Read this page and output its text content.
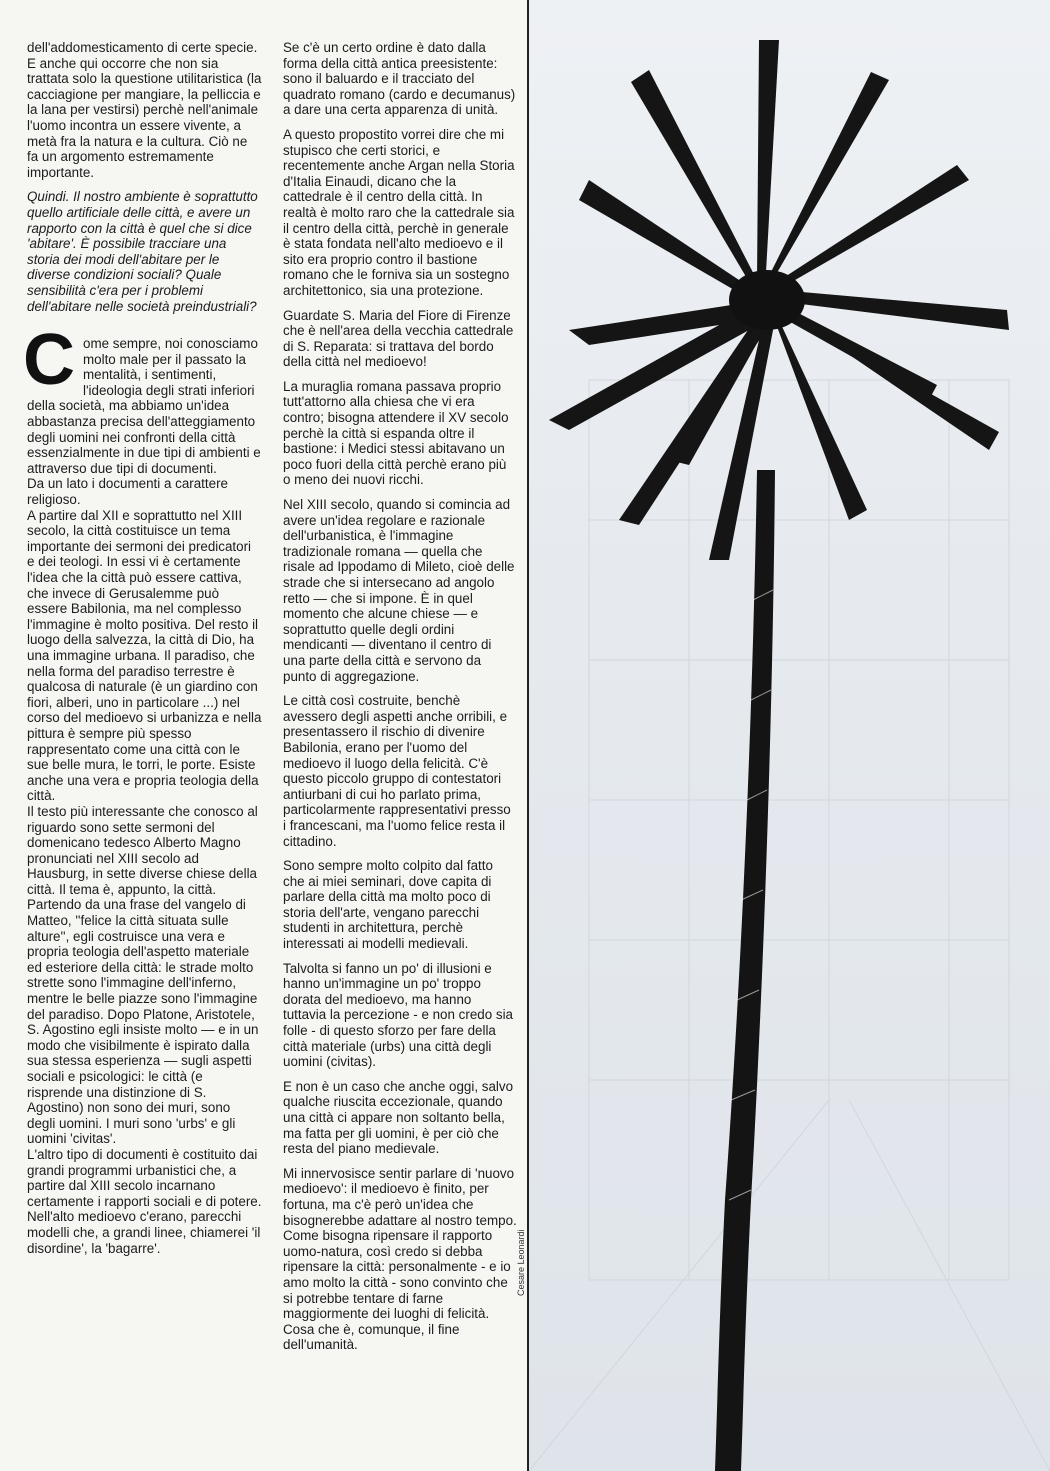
dell'addomesticamento di certe specie. E anche qui occorre che non sia trattata solo la questione utilitaristica (la cacciagione per mangiare, la pelliccia e la lana per vestirsi) perchè nell'animale l'uomo incontra un essere vivente, a metà fra la natura e la cultura. Ciò ne fa un argomento estremamente importante.

Quindi. Il nostro ambiente è soprattutto quello artificiale delle città, e avere un rapporto con la città è quel che si dice 'abitare'. È possibile tracciare una storia dei modi dell'abitare per le diverse condizioni sociali? Quale sensibilità c'era per i problemi dell'abitare nelle società preindustriali?

C ome sempre, noi conosciamo molto male per il passato la mentalità, i sentimenti, l'ideologia degli strati inferiori della società, ma abbiamo un'idea abbastanza precisa dell'atteggiamento degli uomini nei confronti della città essenzialmente in due tipi di ambienti e attraverso due tipi di documenti.

Da un lato i documenti a carattere religioso.

A partire dal XII e soprattutto nel XIII secolo, la città costituisce un tema importante dei sermoni dei predicatori e dei teologi. In essi vi è certamente l'idea che la città può essere cattiva, che invece di Gerusalemme può essere Babilonia, ma nel complesso l'immagine è molto positiva. Del resto il luogo della salvezza, la città di Dio, ha una immagine urbana. Il paradiso, che nella forma del paradiso terrestre è qualcosa di naturale (è un giardino con fiori, alberi, uno in particolare ...) nel corso del medioevo si urbanizza e nella pittura è sempre più spesso rappresentato come una città con le sue belle mura, le torri, le porte. Esiste anche una vera e propria teologia della città.

Il testo più interessante che conosco al riguardo sono sette sermoni del domenicano tedesco Alberto Magno pronunciati nel XIII secolo ad Hausburg, in sette diverse chiese della città. Il tema è, appunto, la città. Partendo da una frase del vangelo di Matteo, ''felice la città situata sulle alture'', egli costruisce una vera e propria teologia dell'aspetto materiale ed esteriore della città: le strade molto strette sono l'immagine dell'inferno, mentre le belle piazze sono l'immagine del paradiso. Dopo Platone, Aristotele, S. Agostino egli insiste molto — e in un modo che visibilmente è ispirato dalla sua stessa esperienza — sugli aspetti sociali e psicologici: le città (e risprende una distinzione di S. Agostino) non sono dei muri, sono degli uomini. I muri sono 'urbs' e gli uomini 'civitas'.

L'altro tipo di documenti è costituito dai grandi programmi urbanistici che, a partire dal XIII secolo incarnano certamente i rapporti sociali e di potere. Nell'alto medioevo c'erano, parecchi modelli che, a grandi linee, chiamerei 'il disordine', la 'bagarre'.

Se c'è un certo ordine è dato dalla forma della città antica preesistente: sono il baluardo e il tracciato del quadrato romano (cardo e decumanus) a dare una certa apparenza di unità.

A questo propostito vorrei dire che mi stupisco che certi storici, e recentemente anche Argan nella Storia d'Italia Einaudi, dicano che la cattedrale è il centro della città. In realtà è molto raro che la cattedrale sia il centro della città, perchè in generale è stata fondata nell'alto medioevo e il sito era proprio contro il bastione romano che le forniva sia un sostegno architettonico, sia una protezione.

Guardate S. Maria del Fiore di Firenze che è nell'area della vecchia cattedrale di S. Reparata: si trattava del bordo della città nel medioevo!

La muraglia romana passava proprio tutt'attorno alla chiesa che vi era contro; bisogna attendere il XV secolo perchè la città si espanda oltre il bastione: i Medici stessi abitavano un poco fuori della città perchè erano più o meno dei nuovi ricchi.

Nel XIII secolo, quando si comincia ad avere un'idea regolare e razionale dell'urbanistica, è l'immagine tradizionale romana — quella che risale ad Ippodamo di Mileto, cioè delle strade che si intersecano ad angolo retto — che si impone. È in quel momento che alcune chiese — e soprattutto quelle degli ordini mendicanti — diventano il centro di una parte della città e servono da punto di aggregazione.

Le città così costruite, benchè avessero degli aspetti anche orribili, e presentassero il rischio di divenire Babilonia, erano per l'uomo del medioevo il luogo della felicità. C'è questo piccolo gruppo di contestatori antiurbani di cui ho parlato prima, particolarmente rappresentativi presso i francescani, ma l'uomo felice resta il cittadino.

Sono sempre molto colpito dal fatto che ai miei seminari, dove capita di parlare della città ma molto poco di storia dell'arte, vengano parecchi studenti in architettura, perchè interessati ai modelli medievali.

Talvolta si fanno un po' di illusioni e hanno un'immagine un po' troppo dorata del medioevo, ma hanno tuttavia la percezione - e non credo sia folle - di questo sforzo per fare della città materiale (urbs) una città degli uomini (civitas).

E non è un caso che anche oggi, salvo qualche riuscita eccezionale, quando una città ci appare non soltanto bella, ma fatta per gli uomini, è per ciò che resta del piano medievale.

Mi innervosisce sentir parlare di 'nuovo medioevo': il medioevo è finito, per fortuna, ma c'è però un'idea che bisognerebbe adattare al nostro tempo. Come bisogna ripensare il rapporto uomo-natura, così credo si debba ripensare la città: personalmente - e io amo molto la città - sono convinto che si potrebbe tentare di farne maggiormente dei luoghi di felicità. Cosa che è, comunque, il fine dell'umanità.

Cesare Leonardi
